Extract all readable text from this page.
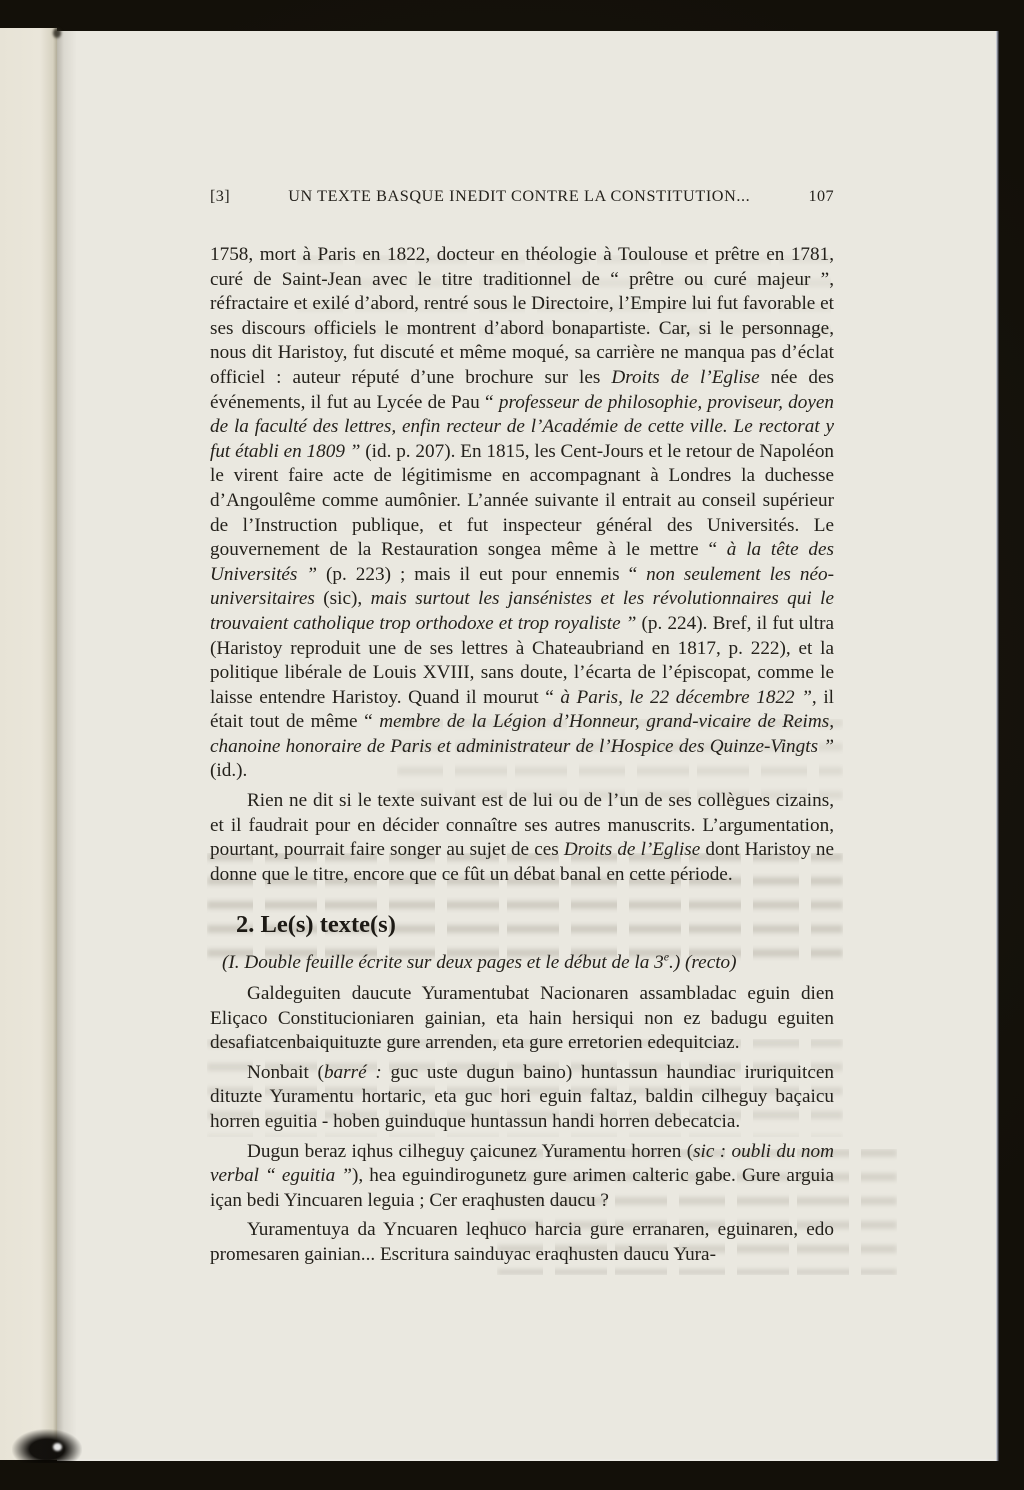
[3]	UN TEXTE BASQUE INEDIT CONTRE LA CONSTITUTION...	107

1758, mort à Paris en 1822, docteur en théologie à Toulouse et prêtre en 1781, curé de Saint-Jean avec le titre traditionnel de “ prêtre ou curé majeur ”, réfractaire et exilé d’abord, rentré sous le Directoire, l’Empire lui fut favorable et ses discours officiels le montrent d’abord bonapartiste. Car, si le personnage, nous dit Haristoy, fut discuté et même moqué, sa carrière ne manqua pas d’éclat officiel : auteur réputé d’une brochure sur les Droits de l’Eglise née des événements, il fut au Lycée de Pau “ professeur de philosophie, proviseur, doyen de la faculté des lettres, enfin recteur de l’Académie de cette ville. Le rectorat y fut établi en 1809 ” (id. p. 207). En 1815, les Cent-Jours et le retour de Napoléon le virent faire acte de légitimisme en accompagnant à Londres la duchesse d’Angoulême comme aumônier. L’année suivante il entrait au conseil supérieur de l’Instruction publique, et fut inspecteur général des Universités. Le gouvernement de la Restauration songea même à le mettre “ à la tête des Universités ” (p. 223) ; mais il eut pour ennemis “ non seulement les néo-universitaires (sic), mais surtout les jansénistes et les révolutionnaires qui le trouvaient catholique trop orthodoxe et trop royaliste ” (p. 224). Bref, il fut ultra (Haristoy reproduit une de ses lettres à Chateaubriand en 1817, p. 222), et la politique libérale de Louis XVIII, sans doute, l’écarta de l’épiscopat, comme le laisse entendre Haristoy. Quand il mourut “ à Paris, le 22 décembre 1822 ”, il était tout de même “ membre de la Légion d’Honneur, grand-vicaire de Reims, chanoine honoraire de Paris et administrateur de l’Hospice des Quinze-Vingts ” (id.).

Rien ne dit si le texte suivant est de lui ou de l’un de ses collègues cizains, et il faudrait pour en décider connaître ses autres manuscrits. L’argumentation, pourtant, pourrait faire songer au sujet de ces Droits de l’Eglise dont Haristoy ne donne que le titre, encore que ce fût un débat banal en cette période.

2. Le(s) texte(s)

(I. Double feuille écrite sur deux pages et le début de la 3e.) (recto)

Galdeguiten daucute Yuramentubat Nacionaren assambladac eguin dien Eliçaco Constitucioniaren gainian, eta hain hersiqui non ez badugu eguiten desafiatcenbaiquituzte gure arrenden, eta gure erretorien edequitciaz.

Nonbait (barré : guc uste dugun baino) huntassun haundiac iruriquitcen dituzte Yuramentu hortaric, eta guc hori eguin faltaz, baldin cilheguy baçaicu horren eguitia - hoben guinduque huntassun handi horren debecatcia.

Dugun beraz iqhus cilheguy çaicunez Yuramentu horren (sic : oubli du nom verbal “ eguitia ”), hea eguindirogunetz gure arimen calteric gabe. Gure arguia içan bedi Yincuaren leguia ; Cer eraqhusten daucu ?

Yuramentuya da Yncuaren leqhuco harcia gure erranaren, eguinaren, edo promesaren gainian... Escritura sainduyac eraqhusten daucu Yura-
